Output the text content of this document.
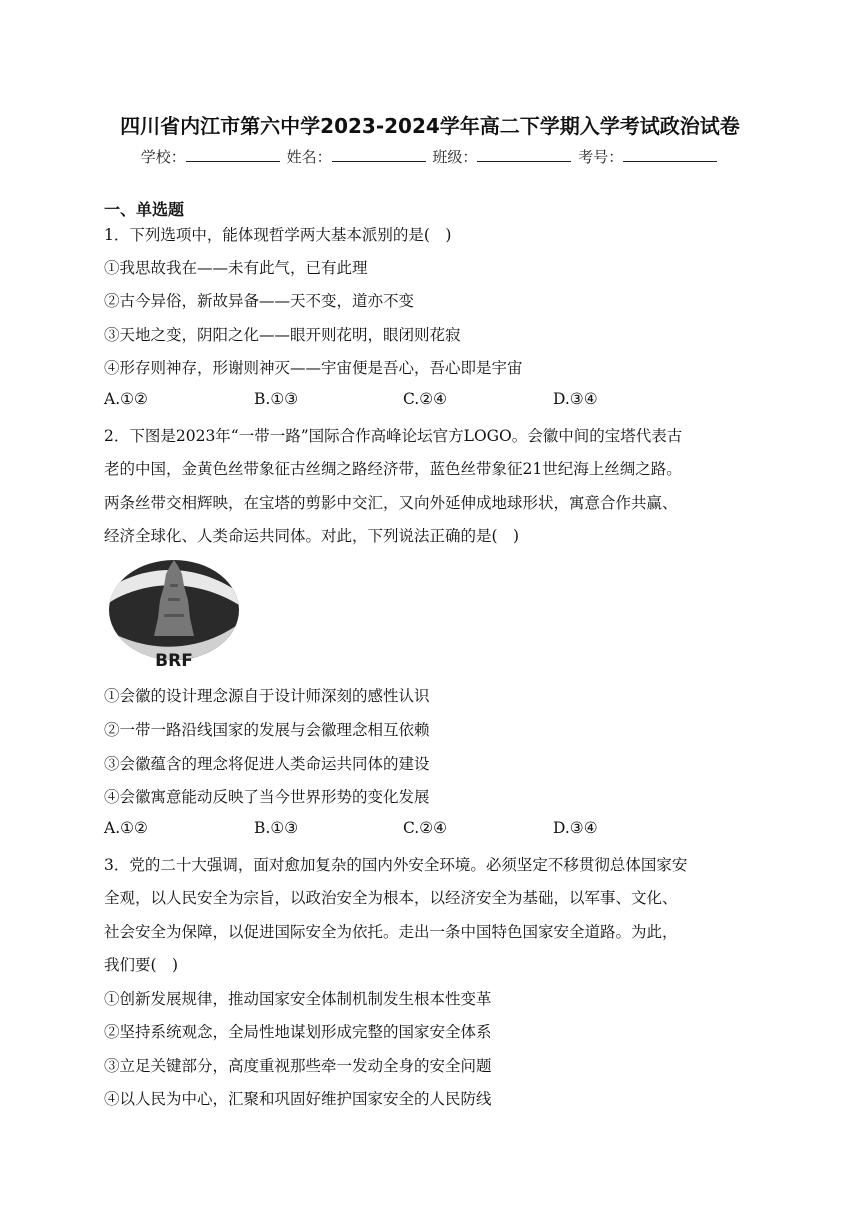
四川省内江市第六中学2023-2024学年高二下学期入学考试政治试卷
学校：	姓名：	班级：	考号：
一、单选题
1．下列选项中，能体现哲学两大基本派别的是(　)
①我思故我在——未有此气，已有此理
②古今异俗，新故异备——天不变，道亦不变
③天地之变，阴阳之化——眼开则花明，眼闭则花寂
④形存则神存，形谢则神灭——宇宙便是吾心，吾心即是宇宙
A.①②	B.①③	C.②④	D.③④
2．下图是2023年“一带一路”国际合作高峰论坛官方LOGO。会徽中间的宝塔代表古
老的中国，金黄色丝带象征古丝绸之路经济带，蓝色丝带象征21世纪海上丝绸之路。
两条丝带交相辉映，在宝塔的剪影中交汇，又向外延伸成地球形状，寓意合作共赢、
经济全球化、人类命运共同体。对此，下列说法正确的是(　)
BRF
①会徽的设计理念源自于设计师深刻的感性认识
②一带一路沿线国家的发展与会徽理念相互依赖
③会徽蕴含的理念将促进人类命运共同体的建设
④会徽寓意能动反映了当今世界形势的变化发展
A.①②	B.①③	C.②④	D.③④
3．党的二十大强调，面对愈加复杂的国内外安全环境。必须坚定不移贯彻总体国家安
全观，以人民安全为宗旨，以政治安全为根本，以经济安全为基础，以军事、文化、
社会安全为保障，以促进国际安全为依托。走出一条中国特色国家安全道路。为此，
我们要(　)
①创新发展规律，推动国家安全体制机制发生根本性变革
②坚持系统观念，全局性地谋划形成完整的国家安全体系
③立足关键部分，高度重视那些牵一发动全身的安全问题
④以人民为中心，汇聚和巩固好维护国家安全的人民防线
